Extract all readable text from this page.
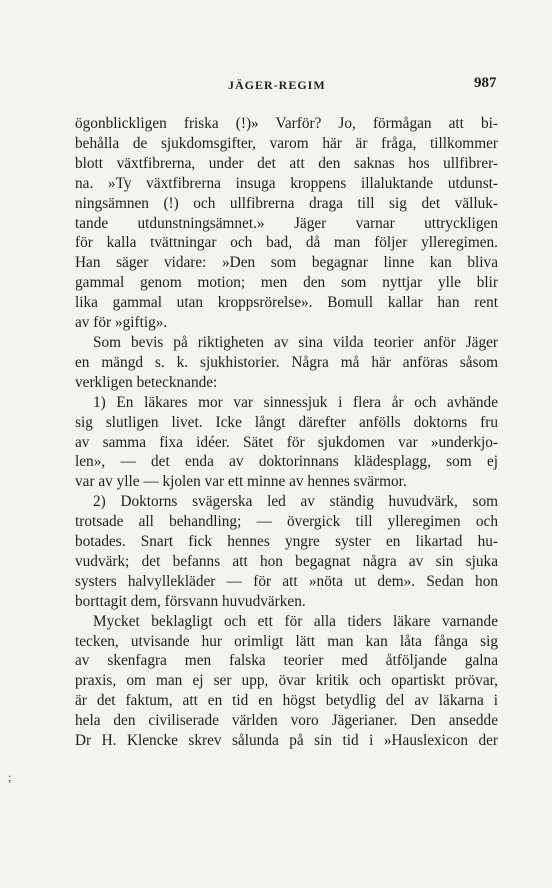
JÄGER-REGIM	987

ögonblickligen friska (!)» Varför? Jo, förmågan att bi-
behålla de sjukdomsgifter, varom här är fråga, tillkommer
blott växtfibrerna, under det att den saknas hos ullfibrer-
na. »Ty växtfibrerna insuga kroppens illaluktande utdunst-
ningsämnen (!) och ullfibrerna draga till sig det välluk-
tande utdunstningsämnet.» Jäger varnar uttryckligen
för kalla tvättningar och bad, då man följer ylleregimen.
Han säger vidare: »Den som begagnar linne kan bliva
gammal genom motion; men den som nyttjar ylle blir
lika gammal utan kroppsrörelse». Bomull kallar han rent
av för »giftig».
Som bevis på riktigheten av sina vilda teorier anför Jäger
en mängd s. k. sjukhistorier. Några må här anföras såsom
verkligen betecknande:
1) En läkares mor var sinnessjuk i flera år och avhände
sig slutligen livet. Icke långt därefter anfölls doktorns fru
av samma fixa idéer. Sätet för sjukdomen var »underkjo-
len», — det enda av doktorinnans klädesplagg, som ej
var av ylle — kjolen var ett minne av hennes svärmor.
2) Doktorns svägerska led av ständig huvudvärk, som
trotsade all behandling; — övergick till ylleregimen och
botades. Snart fick hennes yngre syster en likartad hu-
vudvärk; det befanns att hon begagnat några av sin sjuka
systers halvyllekläder — för att »nöta ut dem». Sedan hon
borttagit dem, försvann huvudvärken.
Mycket beklagligt och ett för alla tiders läkare varnande
tecken, utvisande hur orimligt lätt man kan låta fånga sig
av skenfagra men falska teorier med åtföljande galna
praxis, om man ej ser upp, övar kritik och opartiskt prövar,
är det faktum, att en tid en högst betydlig del av läkarna i
hela den civiliserade världen voro Jägerianer. Den ansedde
Dr H. Klencke skrev sålunda på sin tid i »Hauslexicon der

;
